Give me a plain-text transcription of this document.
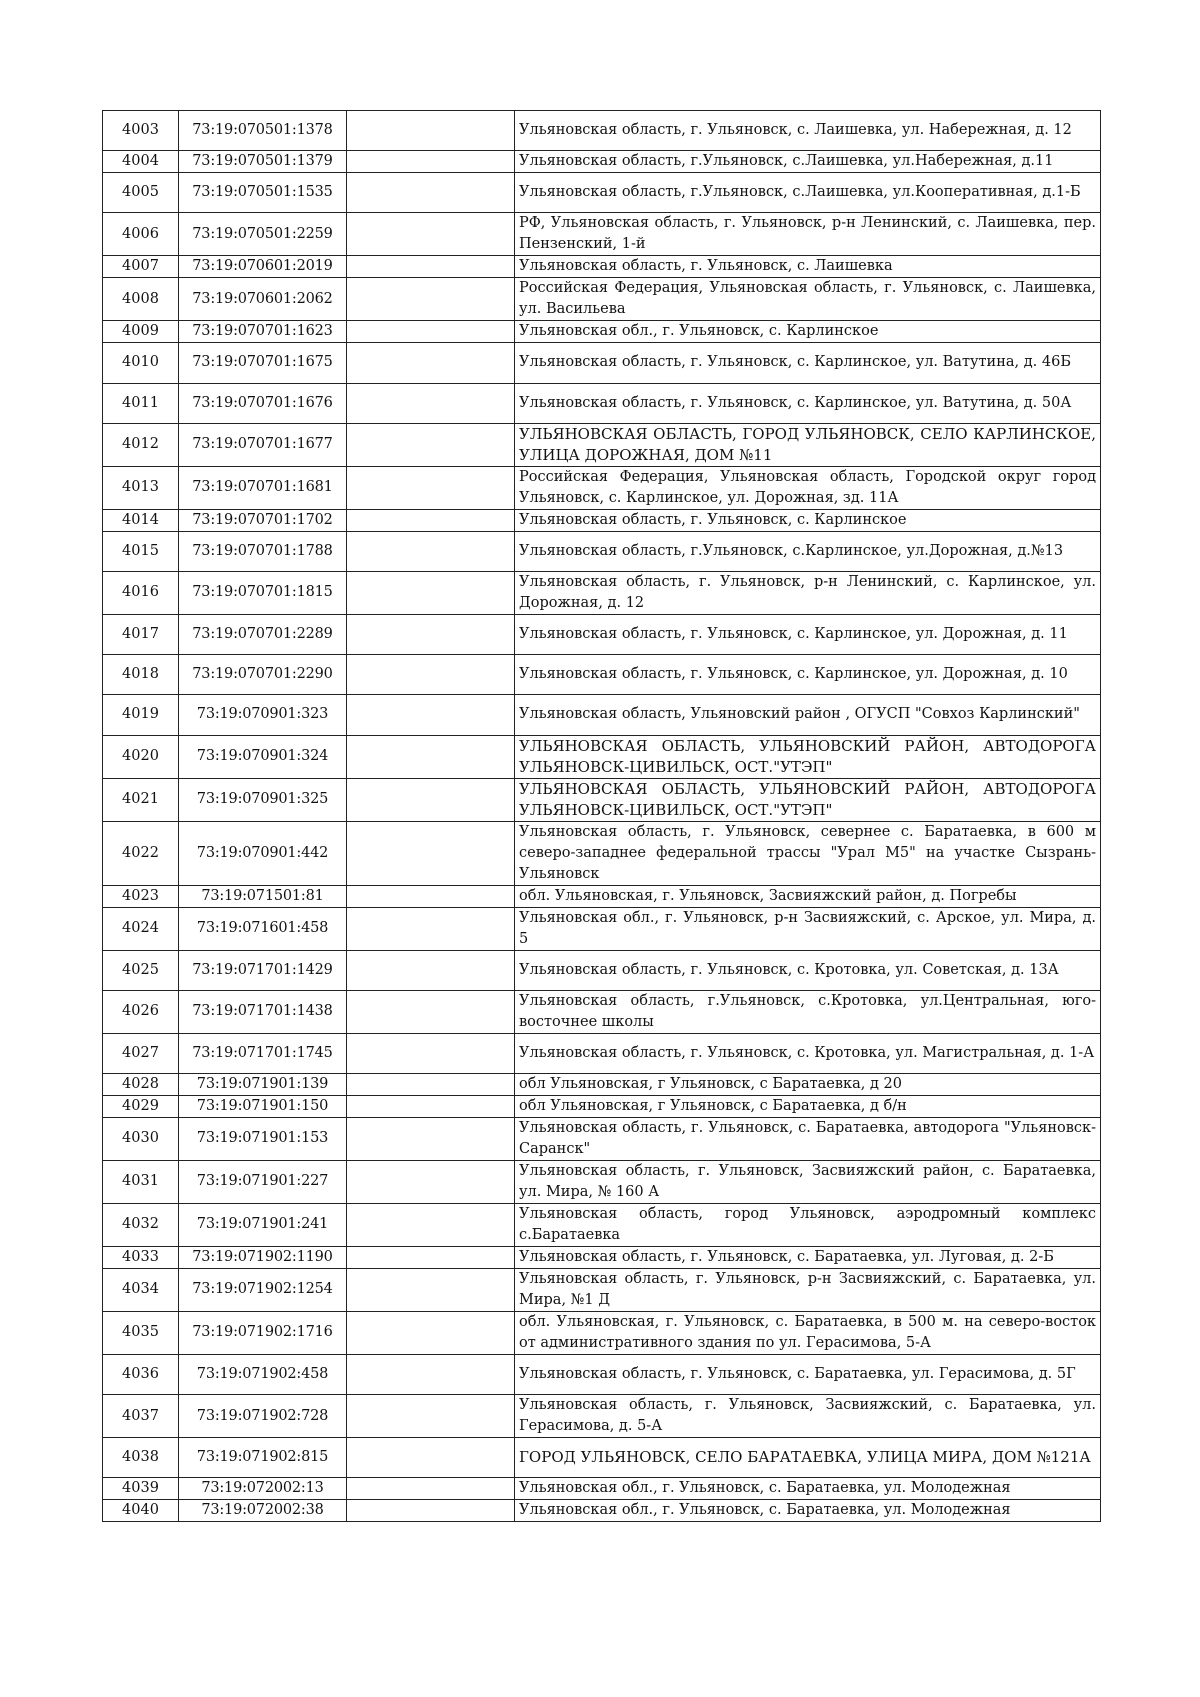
4003	73:19:070501:1378		Ульяновская область, г. Ульяновск, с. Лаишевка, ул. Набережная, д. 12
4004	73:19:070501:1379		Ульяновская область, г.Ульяновск, с.Лаишевка, ул.Набережная, д.11
4005	73:19:070501:1535		Ульяновская область, г.Ульяновск, с.Лаишевка, ул.Кооперативная, д.1-Б
4006	73:19:070501:2259		РФ, Ульяновская область, г. Ульяновск, р-н Ленинский, с. Лаишевка, пер. Пензенский, 1-й
4007	73:19:070601:2019		Ульяновская область, г. Ульяновск, с. Лаишевка
4008	73:19:070601:2062		Российская Федерация, Ульяновская область, г. Ульяновск, с. Лаишевка, ул. Васильева
4009	73:19:070701:1623		Ульяновская обл., г. Ульяновск, с. Карлинское
4010	73:19:070701:1675		Ульяновская область, г. Ульяновск, с. Карлинское, ул. Ватутина, д. 46Б
4011	73:19:070701:1676		Ульяновская область, г. Ульяновск, с. Карлинское, ул. Ватутина, д. 50А
4012	73:19:070701:1677		УЛЬЯНОВСКАЯ ОБЛАСТЬ, ГОРОД УЛЬЯНОВСК, СЕЛО КАРЛИНСКОЕ, УЛИЦА ДОРОЖНАЯ, ДОМ №11
4013	73:19:070701:1681		Российская Федерация, Ульяновская область, Городской округ город Ульяновск, с. Карлинское, ул. Дорожная, зд. 11А
4014	73:19:070701:1702		Ульяновская область, г. Ульяновск, с. Карлинское
4015	73:19:070701:1788		Ульяновская область, г.Ульяновск, с.Карлинское, ул.Дорожная, д.№13
4016	73:19:070701:1815		Ульяновская область, г. Ульяновск, р-н Ленинский, с. Карлинское, ул. Дорожная, д. 12
4017	73:19:070701:2289		Ульяновская область, г. Ульяновск, с. Карлинское, ул. Дорожная, д. 11
4018	73:19:070701:2290		Ульяновская область, г. Ульяновск, с. Карлинское, ул. Дорожная, д. 10
4019	73:19:070901:323		Ульяновская область, Ульяновский район , ОГУСП "Совхоз Карлинский"
4020	73:19:070901:324		УЛЬЯНОВСКАЯ ОБЛАСТЬ, УЛЬЯНОВСКИЙ РАЙОН, АВТОДОРОГА УЛЬЯНОВСК-ЦИВИЛЬСК, ОСТ."УТЭП"
4021	73:19:070901:325		УЛЬЯНОВСКАЯ ОБЛАСТЬ, УЛЬЯНОВСКИЙ РАЙОН, АВТОДОРОГА УЛЬЯНОВСК-ЦИВИЛЬСК, ОСТ."УТЭП"
4022	73:19:070901:442		Ульяновская область, г. Ульяновск, севернее с. Баратаевка, в 600 м северо-западнее федеральной трассы "Урал М5" на участке Сызрань-Ульяновск
4023	73:19:071501:81		обл. Ульяновская, г. Ульяновск, Засвияжский район, д. Погребы
4024	73:19:071601:458		Ульяновская обл., г. Ульяновск, р-н Засвияжский, с. Арское, ул. Мира, д. 5
4025	73:19:071701:1429		Ульяновская область, г. Ульяновск, с. Кротовка, ул. Советская, д. 13А
4026	73:19:071701:1438		Ульяновская область, г.Ульяновск, с.Кротовка, ул.Центральная, юго-восточнее школы
4027	73:19:071701:1745		Ульяновская область, г. Ульяновск, с. Кротовка, ул. Магистральная, д. 1-А
4028	73:19:071901:139		обл Ульяновская, г Ульяновск, с Баратаевка, д 20
4029	73:19:071901:150		обл Ульяновская, г Ульяновск, с Баратаевка, д б/н
4030	73:19:071901:153		Ульяновская область, г. Ульяновск, с. Баратаевка, автодорога "Ульяновск-Саранск"
4031	73:19:071901:227		Ульяновская область, г. Ульяновск, Засвияжский район, с. Баратаевка, ул. Мира, № 160 А
4032	73:19:071901:241		Ульяновская область, город Ульяновск, аэродромный комплекс с.Баратаевка
4033	73:19:071902:1190		Ульяновская область, г. Ульяновск, с. Баратаевка, ул. Луговая, д. 2-Б
4034	73:19:071902:1254		Ульяновская область, г. Ульяновск, р-н Засвияжский, с. Баратаевка, ул. Мира, №1 Д
4035	73:19:071902:1716		обл. Ульяновская, г. Ульяновск, с. Баратаевка, в 500 м. на северо-восток от административного здания по ул. Герасимова, 5-А
4036	73:19:071902:458		Ульяновская область, г. Ульяновск, с. Баратаевка, ул. Герасимова, д. 5Г
4037	73:19:071902:728		Ульяновская область, г. Ульяновск, Засвияжский, с. Баратаевка, ул. Герасимова, д. 5-А
4038	73:19:071902:815		ГОРОД УЛЬЯНОВСК, СЕЛО БАРАТАЕВКА, УЛИЦА МИРА, ДОМ №121А
4039	73:19:072002:13		Ульяновская обл., г. Ульяновск, с. Баратаевка, ул. Молодежная
4040	73:19:072002:38		Ульяновская обл., г. Ульяновск, с. Баратаевка, ул. Молодежная
